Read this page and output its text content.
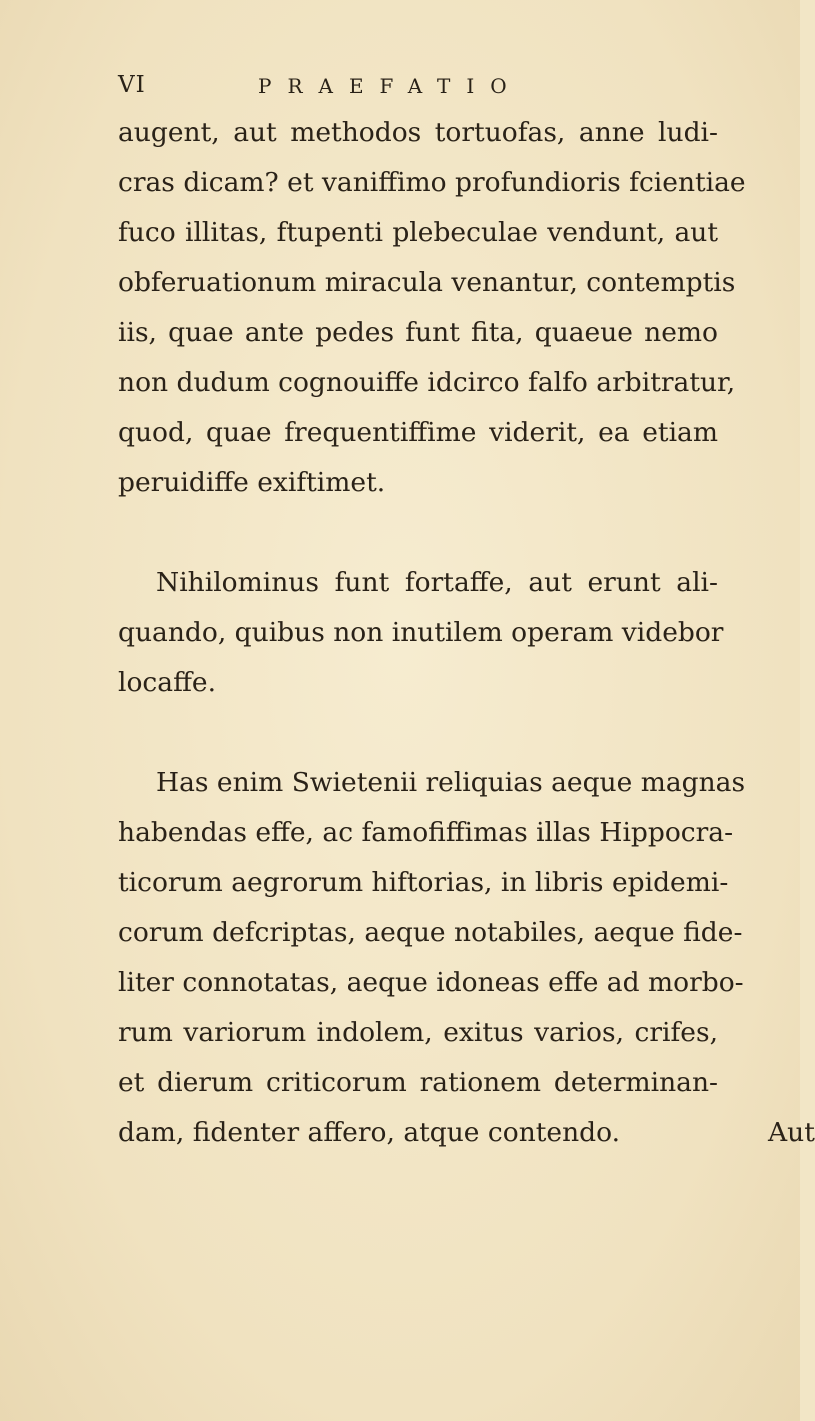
VI	PRAEFATIO
augent, aut methodos tortuofas, anne ludi-
cras dicam? et vaniffimo profundioris fcientiae
fuco illitas, ftupenti plebeculae vendunt, aut
obferuationum miracula venantur, contemptis
iis, quae ante pedes funt fita, quaeue nemo
non dudum cognouiffe idcirco falfo arbitratur,
quod, quae frequentiffime viderit, ea etiam
peruidiffe exiftimet.
Nihilominus funt fortaffe, aut erunt ali-
quando, quibus non inutilem operam videbor
locaffe.
Has enim Swietenii reliquias aeque magnas
habendas effe, ac famofiffimas illas Hippocra-
ticorum aegrorum hiftorias, in libris epidemi-
corum defcriptas, aeque notabiles, aeque fide-
liter connotatas, aeque idoneas effe ad morbo-
rum variorum indolem, exitus varios, crifes,
et dierum criticorum rationem determinan-
dam, fidenter affero, atque contendo.	Aut
